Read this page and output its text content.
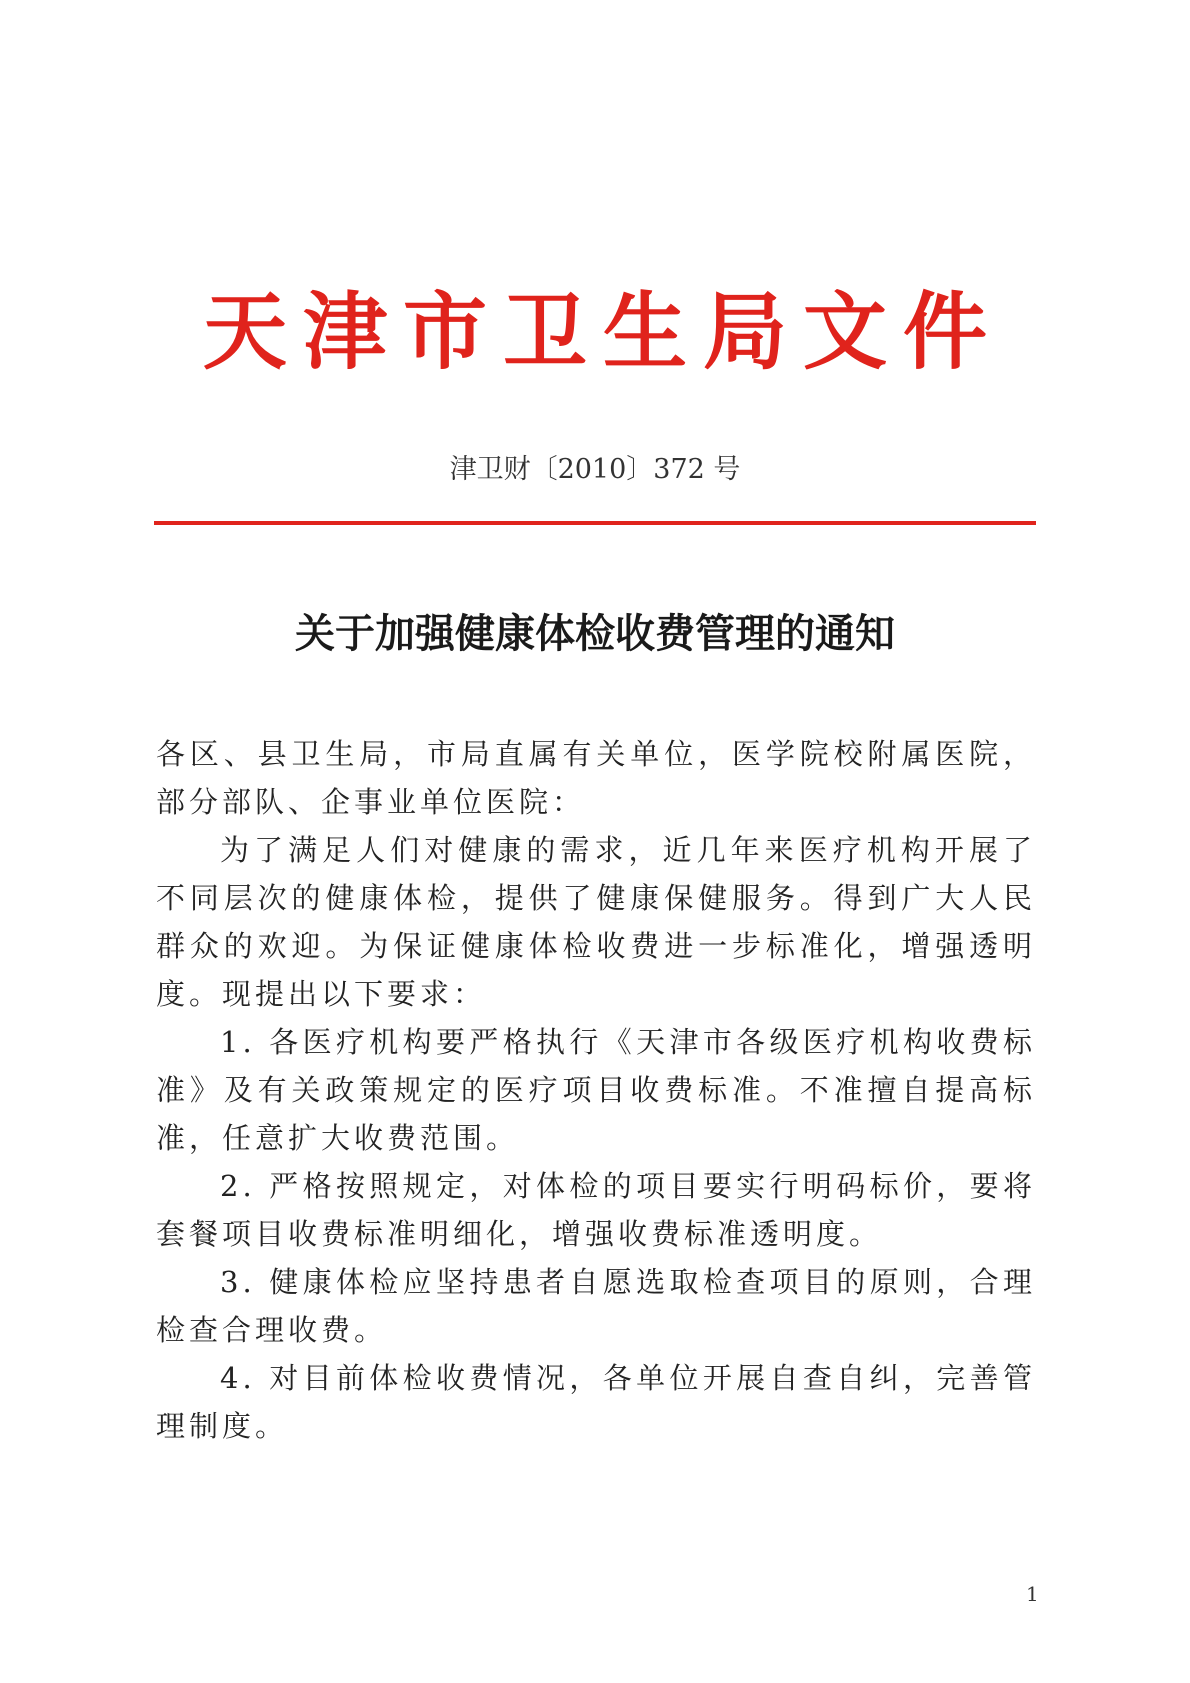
天津市卫生局文件
津卫财〔2010〕372 号
关于加强健康体检收费管理的通知

各区、县卫生局，市局直属有关单位，医学院校附属医院，部分部队、企事业单位医院：

为了满足人们对健康的需求，近几年来医疗机构开展了不同层次的健康体检，提供了健康保健服务。得到广大人民群众的欢迎。为保证健康体检收费进一步标准化，增强透明度。现提出以下要求：

1. 各医疗机构要严格执行《天津市各级医疗机构收费标准》及有关政策规定的医疗项目收费标准。不准擅自提高标准，任意扩大收费范围。

2. 严格按照规定，对体检的项目要实行明码标价，要将套餐项目收费标准明细化，增强收费标准透明度。

3. 健康体检应坚持患者自愿选取检查项目的原则，合理检查合理收费。

4. 对目前体检收费情况，各单位开展自查自纠，完善管理制度。

1
